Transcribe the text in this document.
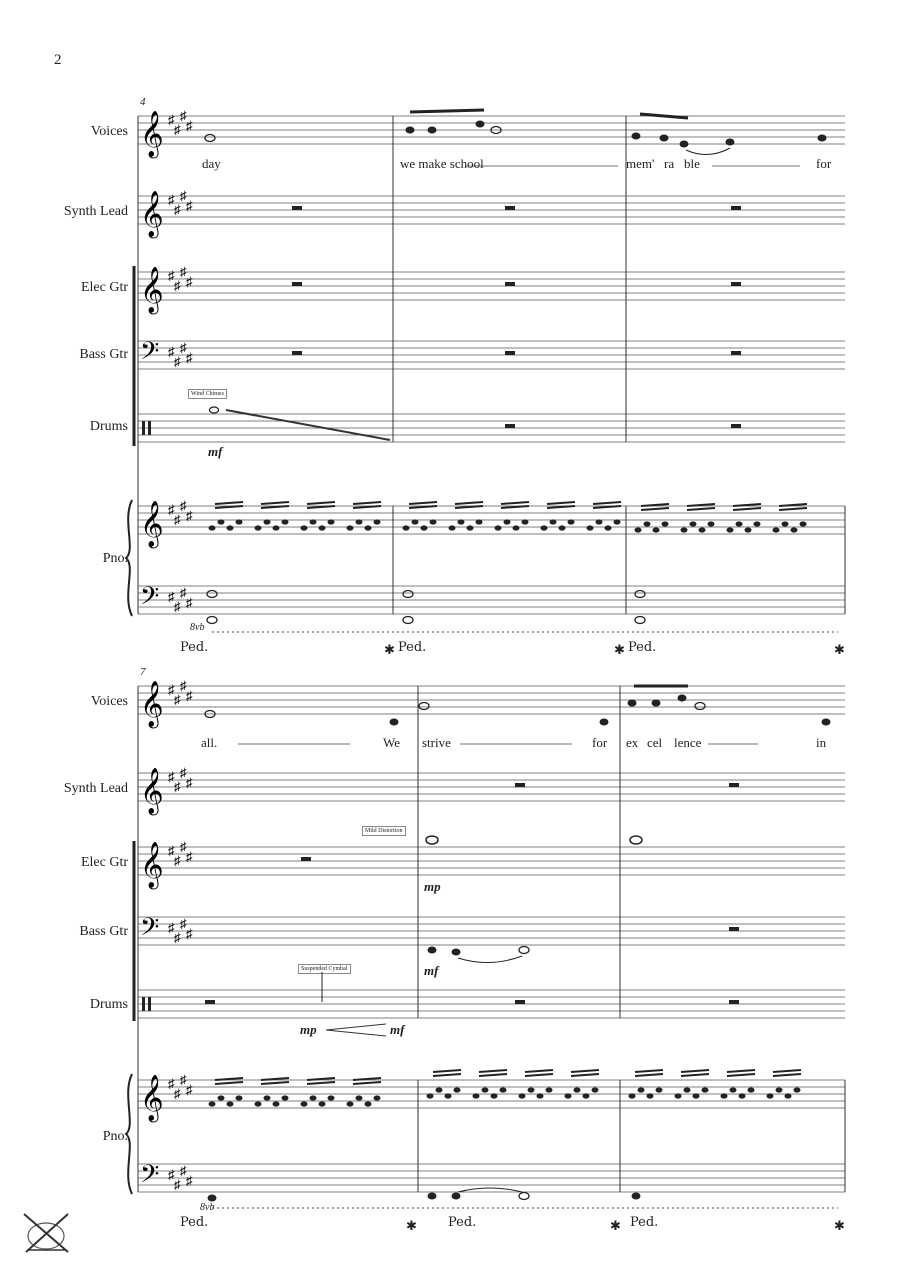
2
4
Voices
Synth Lead
Elec Gtr
Bass Gtr
Drums
Pno.
day	we make school	mem' ra ble	for
Wind Chimes
mf
8vb
Ped.	Ped.	Ped.
✱	✱	✱
7
Voices
Synth Lead
Elec Gtr
Bass Gtr
Drums
Pno.
all.	We strive	for ex cel lence	in
Mild Distortion
Suspended Cymbal
mp
mf
mp	mf
8vb
Ped.	Ped.	Ped.
✱	✱	✱
𝄞 ♯
♯
♯
♯
𝄞 ♯
♯
♯
♯
𝄞 ♯
♯
♯
♯
𝄢 ♯
♯
♯
♯
𝄞 ♯
♯
♯
♯
𝄢 ♯
♯
♯
♯
𝄞 ♯
♯
♯
♯
𝄞 ♯
♯
♯
♯
𝄞 ♯
♯
♯
♯
𝄢 ♯
♯
♯
♯
𝄞 ♯
♯
♯
♯
𝄢 ♯
♯
♯
♯
